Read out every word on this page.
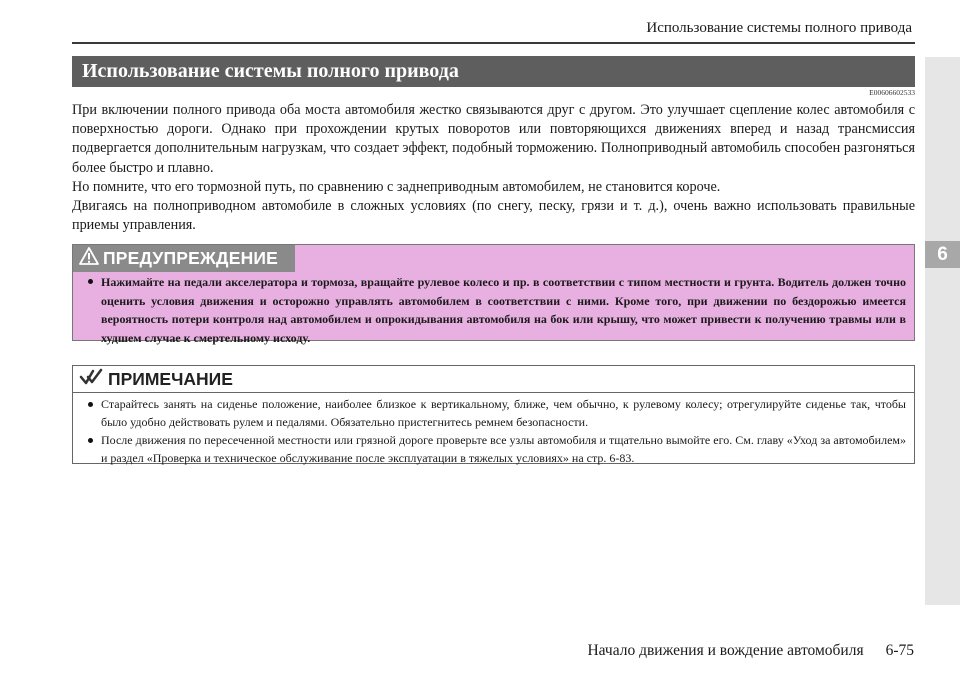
Использование системы полного привода
6
Использование системы полного привода
E00606602533

При включении полного привода оба моста автомобиля жестко связываются друг с другом. Это улучшает сцепление колес автомобиля с поверхностью дороги. Однако при прохождении крутых поворотов или повторяющихся движениях вперед и назад трансмиссия подвергается дополнительным нагрузкам, что создает эффект, подобный торможению. Полноприводный автомобиль способен разгоняться более быстро и плавно.

Но помните, что его тормозной путь, по сравнению с заднеприводным автомобилем, не становится короче.

Двигаясь на полноприводном автомобиле в сложных условиях (по снегу, песку, грязи и т. д.), очень важно использовать правильные приемы управления.

ПРЕДУПРЕЖДЕНИЕ
Нажимайте на педали акселератора и тормоза, вращайте рулевое колесо и пр. в соответствии с типом местности и грунта. Водитель должен точно оценить условия движения и осторожно управлять автомобилем в соответствии с ними. Кроме того, при движении по бездорожью имеется вероятность потери контроля над автомобилем и опрокидывания автомобиля на бок или крышу, что может привести к получению травмы или в худшем случае к смертельному исходу.
ПРИМЕЧАНИЕ
Старайтесь занять на сиденье положение, наиболее близкое к вертикальному, ближе, чем обычно, к рулевому колесу; отрегулируйте сиденье так, чтобы было удобно действовать рулем и педалями. Обязательно пристегнитесь ремнем безопасности.
После движения по пересеченной местности или грязной дороге проверьте все узлы автомобиля и тщательно вымойте его. См. главу «Уход за автомобилем» и раздел «Проверка и техническое обслуживание после эксплуатации в тяжелых условиях» на стр. 6-83.
Начало движения и вождение автомобиля 6-75
